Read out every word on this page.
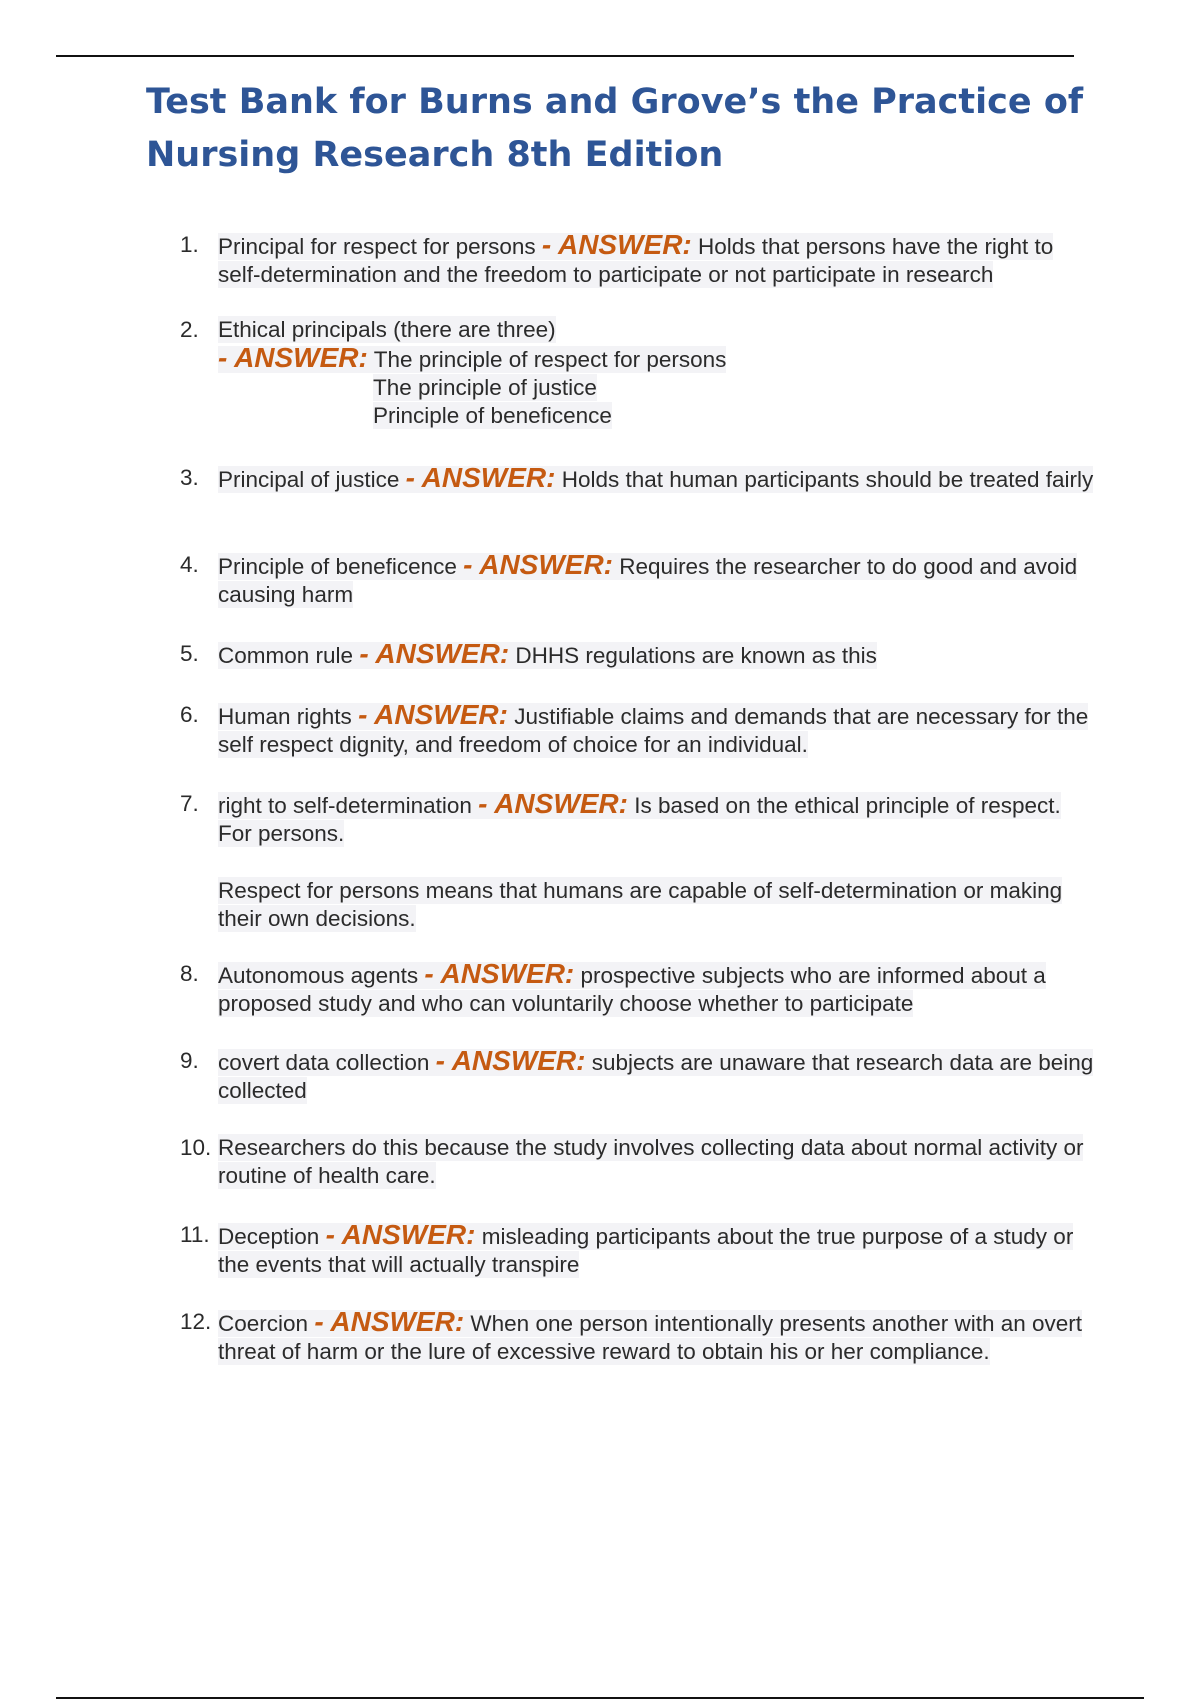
Test Bank for Burns and Grove’s the Practice of Nursing Research 8th Edition
1. Principal for respect for persons - ANSWER: Holds that persons have the right to self-determination and the freedom to participate or not participate in research
2. Ethical principals (there are three)
- ANSWER: The principle of respect for persons
The principle of justice
Principle of beneficence
3. Principal of justice - ANSWER: Holds that human participants should be treated fairly
4. Principle of beneficence - ANSWER: Requires the researcher to do good and avoid causing harm
5. Common rule - ANSWER: DHHS regulations are known as this
6. Human rights - ANSWER: Justifiable claims and demands that are necessary for the self respect dignity, and freedom of choice for an individual.
7. right to self-determination - ANSWER: Is based on the ethical principle of respect. For persons.
Respect for persons means that humans are capable of self-determination or making their own decisions.
8. Autonomous agents - ANSWER: prospective subjects who are informed about a proposed study and who can voluntarily choose whether to participate
9. covert data collection - ANSWER: subjects are unaware that research data are being collected
10. Researchers do this because the study involves collecting data about normal activity or routine of health care.
11. Deception - ANSWER: misleading participants about the true purpose of a study or the events that will actually transpire
12. Coercion - ANSWER: When one person intentionally presents another with an overt threat of harm or the lure of excessive reward to obtain his or her compliance.
